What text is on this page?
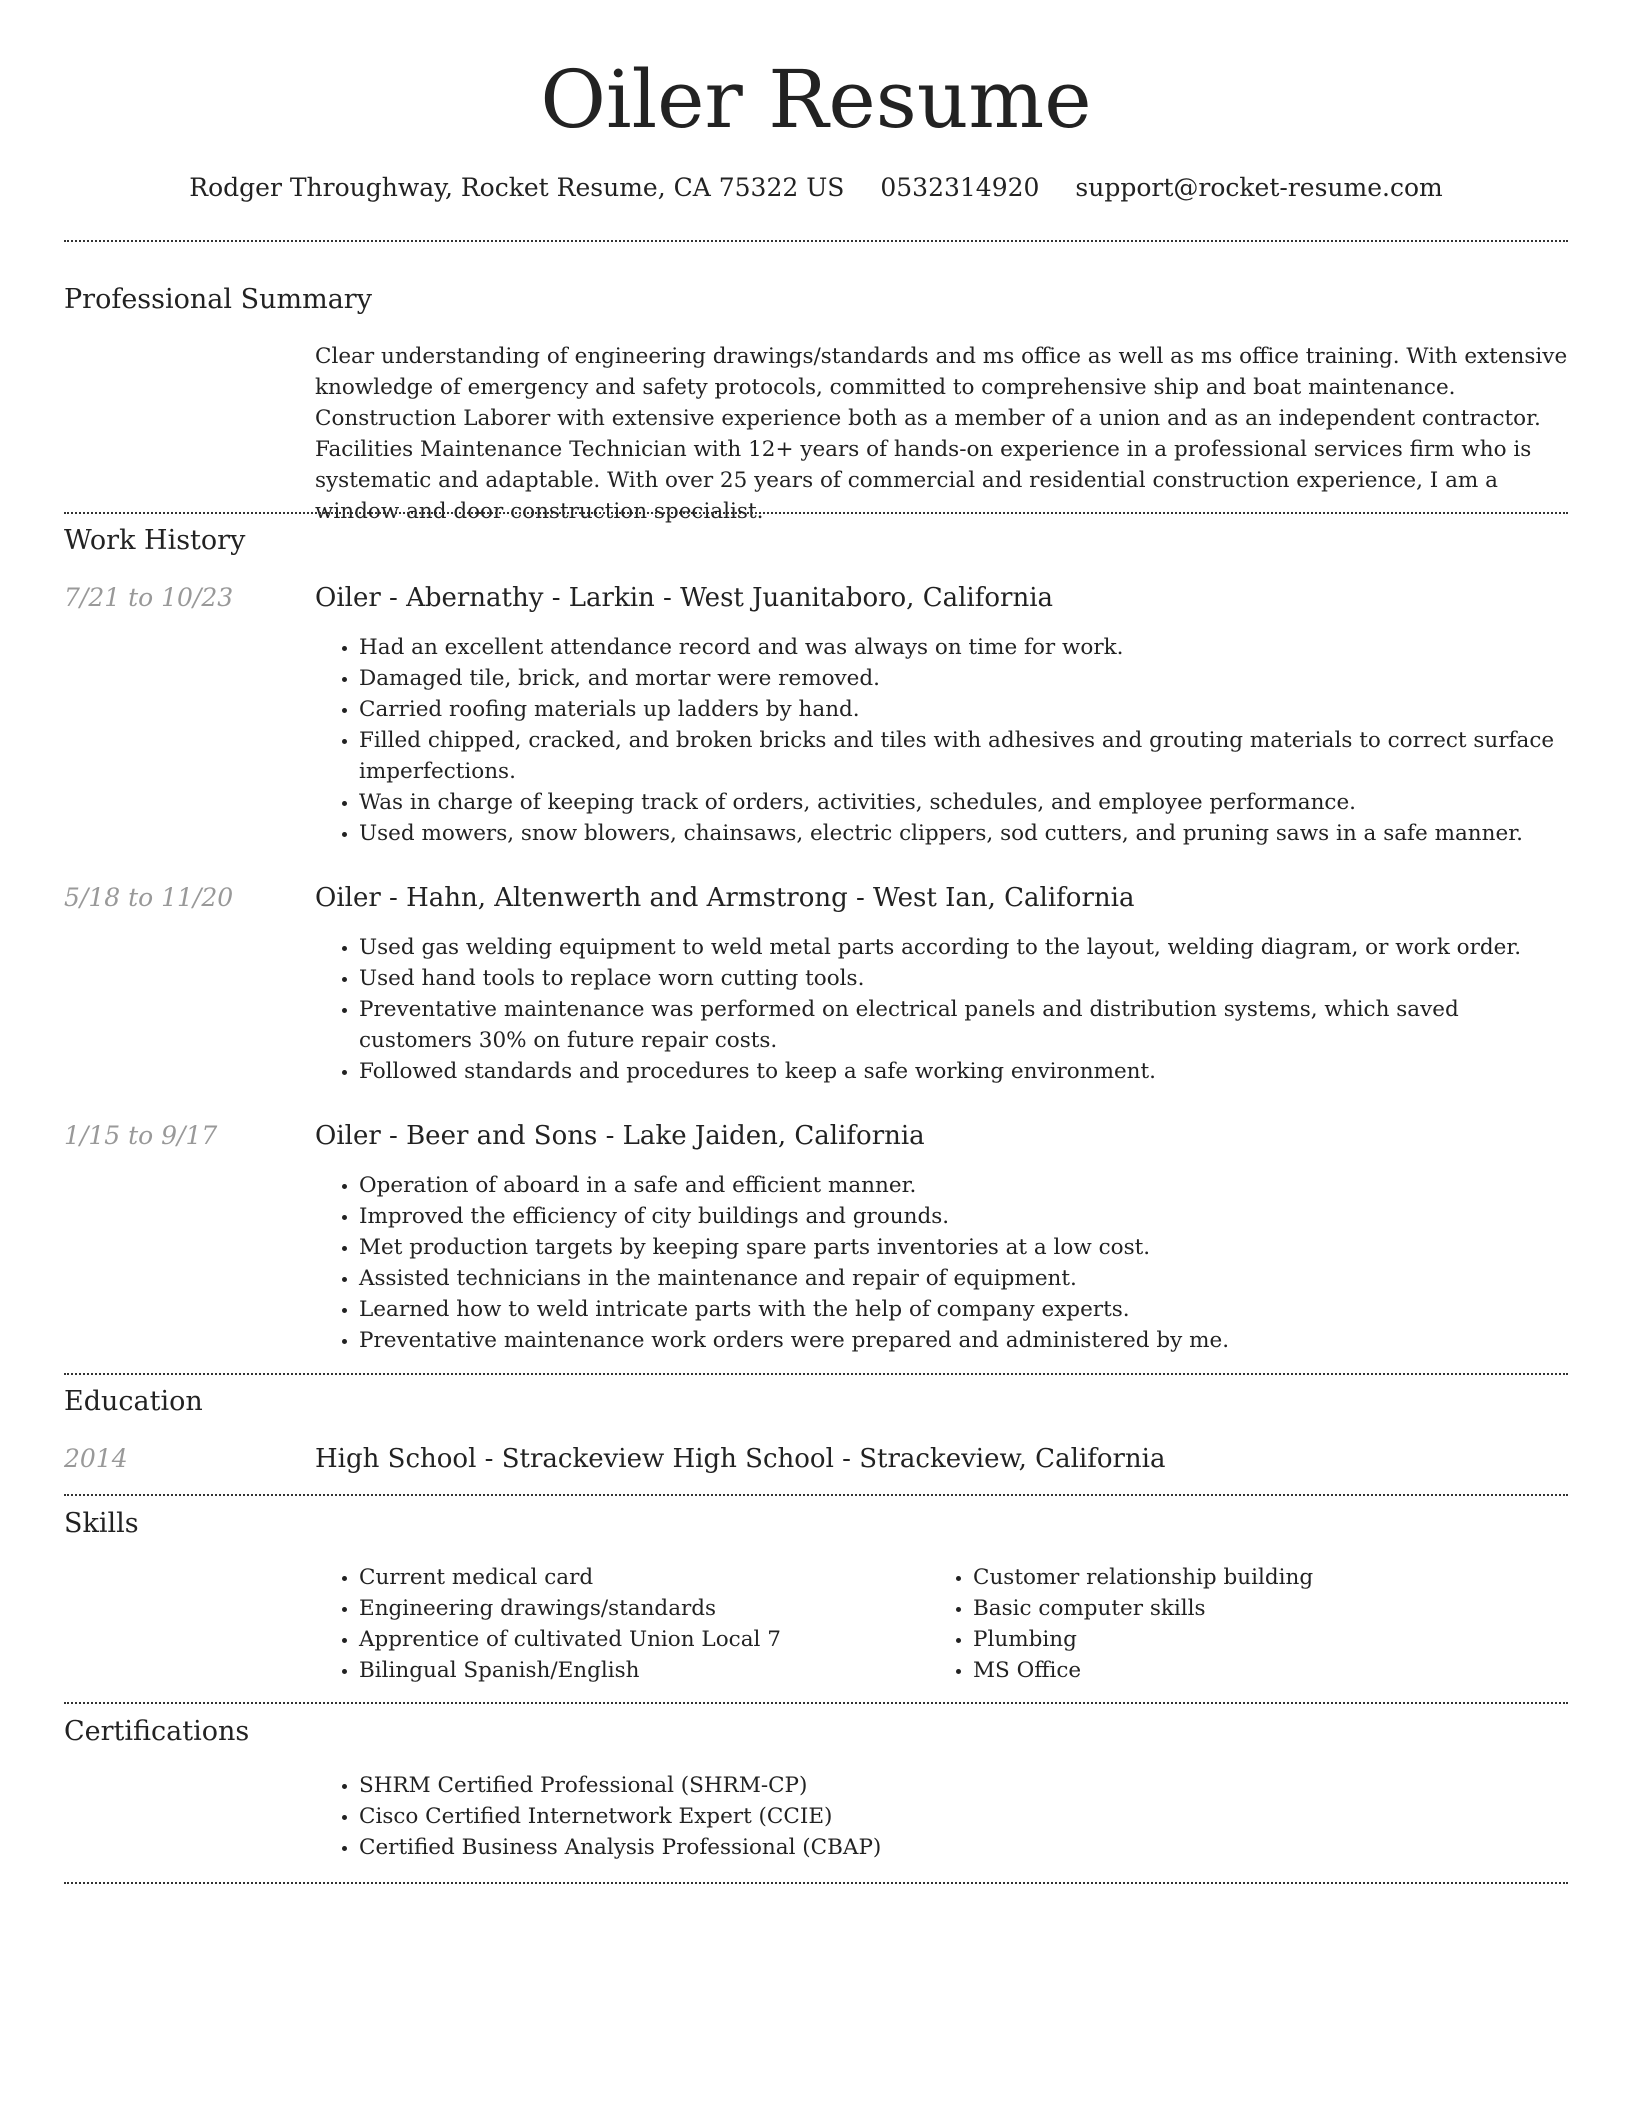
Oiler Resume
Rodger Throughway, Rocket Resume, CA 75322 US 0532314920 support@rocket-resume.com
Professional Summary

Clear understanding of engineering drawings/standards and ms office as well as ms office training. With extensive knowledge of emergency and safety protocols, committed to comprehensive ship and boat maintenance. Construction Laborer with extensive experience both as a member of a union and as an independent contractor. Facilities Maintenance Technician with 12+ years of hands-on experience in a professional services firm who is systematic and adaptable. With over 25 years of commercial and residential construction experience, I am a window and door construction specialist.

Work History
7/21 to 10/23	Oiler - Abernathy - Larkin - West Juanitaboro, California
• Had an excellent attendance record and was always on time for work.
• Damaged tile, brick, and mortar were removed.
• Carried roofing materials up ladders by hand.
• Filled chipped, cracked, and broken bricks and tiles with adhesives and grouting materials to correct surface imperfections.
• Was in charge of keeping track of orders, activities, schedules, and employee performance.
• Used mowers, snow blowers, chainsaws, electric clippers, sod cutters, and pruning saws in a safe manner.
5/18 to 11/20	Oiler - Hahn, Altenwerth and Armstrong - West Ian, California
• Used gas welding equipment to weld metal parts according to the layout, welding diagram, or work order.
• Used hand tools to replace worn cutting tools.
• Preventative maintenance was performed on electrical panels and distribution systems, which saved customers 30% on future repair costs.
• Followed standards and procedures to keep a safe working environment.
1/15 to 9/17	Oiler - Beer and Sons - Lake Jaiden, California
• Operation of aboard in a safe and efficient manner.
• Improved the efficiency of city buildings and grounds.
• Met production targets by keeping spare parts inventories at a low cost.
• Assisted technicians in the maintenance and repair of equipment.
• Learned how to weld intricate parts with the help of company experts.
• Preventative maintenance work orders were prepared and administered by me.
Education
2014	High School - Strackeview High School - Strackeview, California
Skills
• Current medical card
• Engineering drawings/standards
• Apprentice of cultivated Union Local 7
• Bilingual Spanish/English
• Customer relationship building
• Basic computer skills
• Plumbing
• MS Office
Certifications
• SHRM Certified Professional (SHRM-CP)
• Cisco Certified Internetwork Expert (CCIE)
• Certified Business Analysis Professional (CBAP)
